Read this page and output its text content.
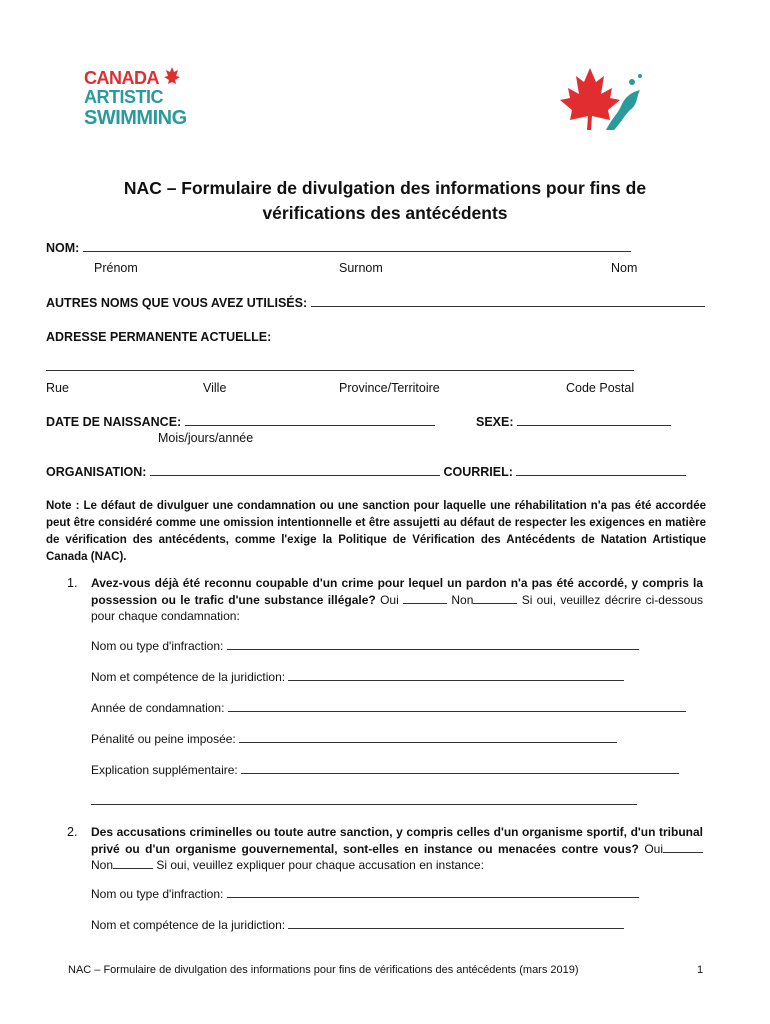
CANADA
ARTISTIC
SWIMMING
NAC – Formulaire de divulgation des informations pour fins de
vérifications des antécédents
NOM:
Prénom	Surnom	Nom
AUTRES NOMS QUE VOUS AVEZ UTILISÉS:
ADRESSE PERMANENTE ACTUELLE:
Rue	Ville	Province/Territoire	Code Postal
DATE DE NAISSANCE:	SEXE:
Mois/jours/année
ORGANISATION:	COURRIEL:
Note : Le défaut de divulguer une condamnation ou une sanction pour laquelle une réhabilitation n'a pas été accordée peut être considéré comme une omission intentionnelle et être assujetti au défaut de respecter les exigences en matière de vérification des antécédents, comme l'exige la Politique de Vérification des Antécédents de Natation Artistique Canada (NAC).
1. Avez-vous déjà été reconnu coupable d'un crime pour lequel un pardon n'a pas été accordé, y compris la possession ou le trafic d'une substance illégale? Oui	Non	Si oui, veuillez décrire ci-dessous pour chaque condamnation:
Nom ou type d'infraction:
Nom et compétence de la juridiction:
Année de condamnation:
Pénalité ou peine imposée:
Explication supplémentaire:
2. Des accusations criminelles ou toute autre sanction, y compris celles d'un organisme sportif, d'un tribunal privé ou d'un organisme gouvernemental, sont-elles en instance ou menacées contre vous? Oui Non	Si oui, veuillez expliquer pour chaque accusation en instance:
Nom ou type d'infraction:
Nom et compétence de la juridiction:
NAC – Formulaire de divulgation des informations pour fins de vérifications des antécédents (mars 2019)	1
